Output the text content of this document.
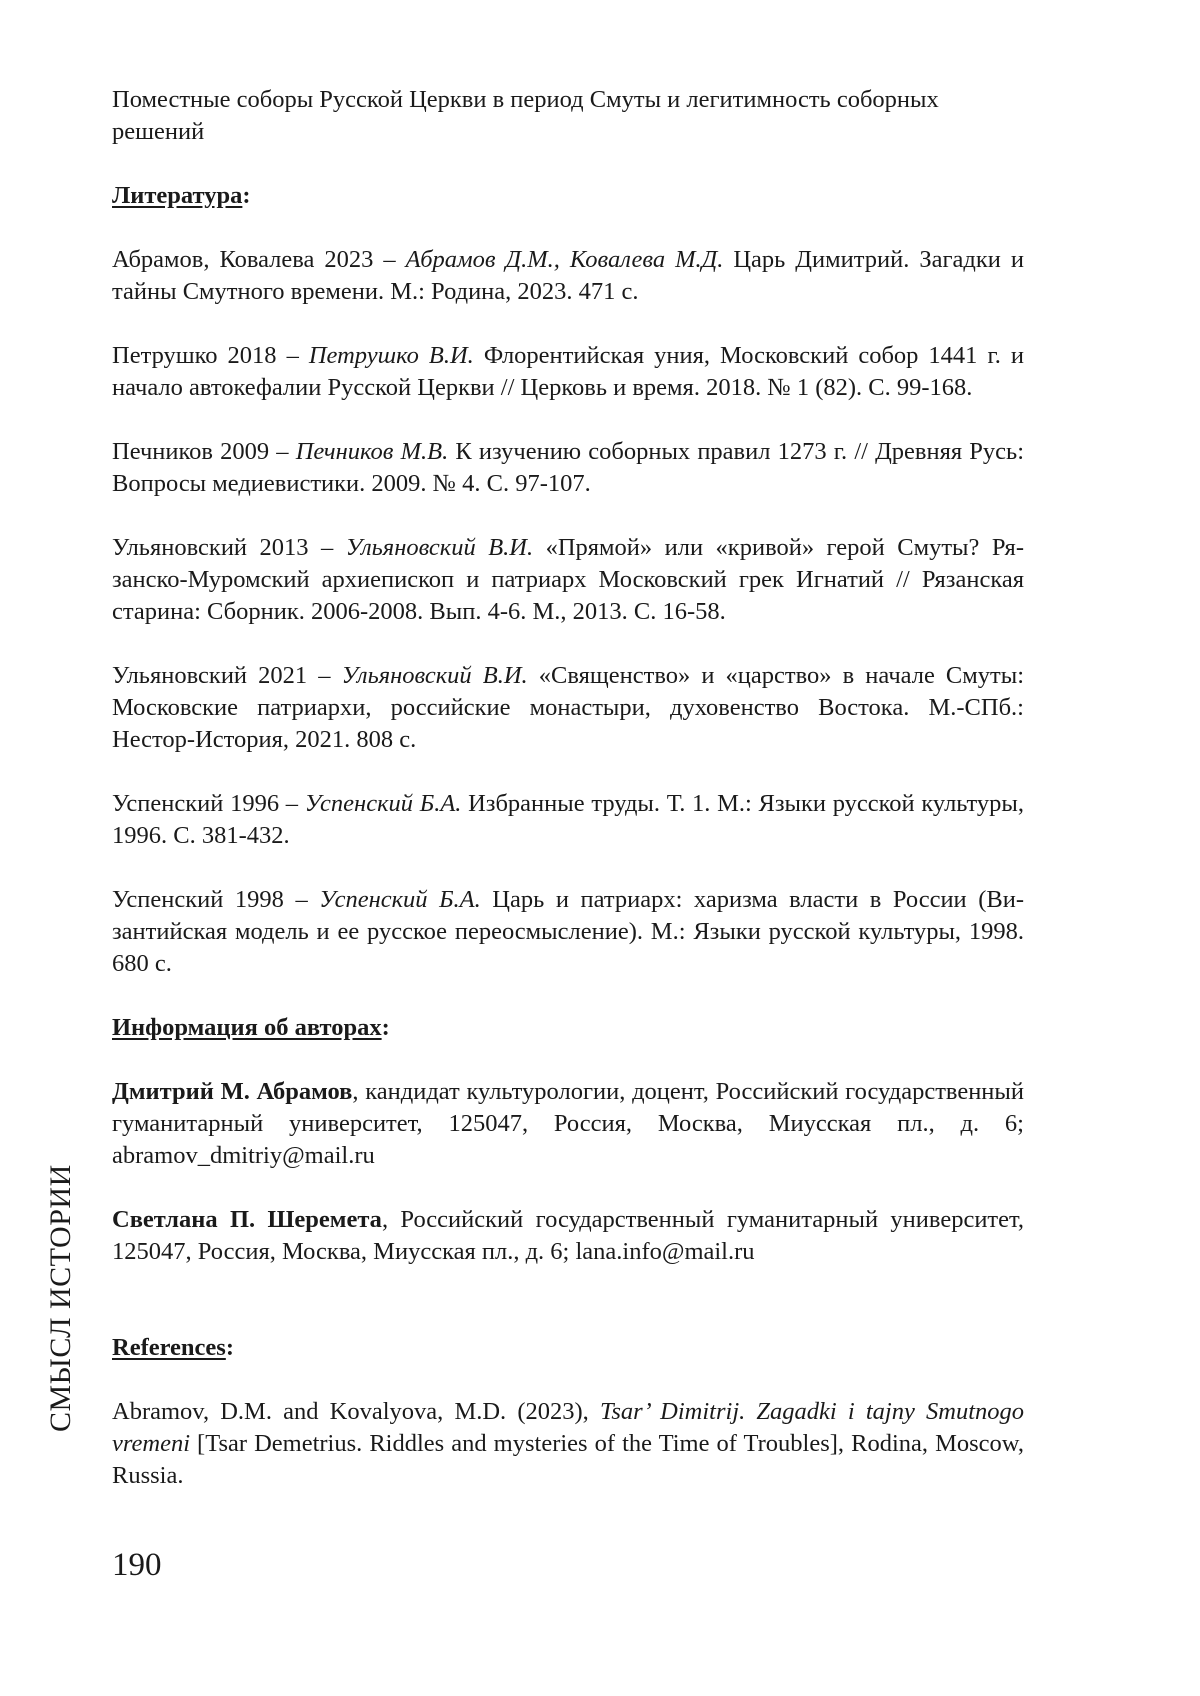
Поместные соборы Русской Церкви в период Смуты и легитимность соборных решений

Литература:

Абрамов, Ковалева 2023 – Абрамов Д.М., Ковалева М.Д. Царь Димитрий. Загадки и тайны Смутного времени. М.: Родина, 2023. 471 с.

Петрушко 2018 – Петрушко В.И. Флорентийская уния, Московский собор 1441 г. и начало автокефалии Русской Церкви // Церковь и время. 2018. № 1 (82). С. 99-168.

Печников 2009 – Печников М.В. К изучению соборных правил 1273 г. // Древняя Русь: Вопросы медиевистики. 2009. № 4. С. 97-107.

Ульяновский 2013 – Ульяновский В.И. «Прямой» или «кривой» герой Смуты? Рязанско-Муромский архиепископ и патриарх Московский грек Игнатий // Рязанская старина: Сборник. 2006-2008. Вып. 4-6. М., 2013. С. 16-58.

Ульяновский 2021 – Ульяновский В.И. «Священство» и «царство» в начале Смуты: Московские патриархи, российские монастыри, духовенство Востока. М.-СПб.: Нестор-История, 2021. 808 с.

Успенский 1996 – Успенский Б.А. Избранные труды. Т. 1. М.: Языки русской культуры, 1996. С. 381-432.

Успенский 1998 – Успенский Б.А. Царь и патриарх: харизма власти в России (Византийская модель и ее русское переосмысление). М.: Языки русской культуры, 1998. 680 с.

Информация об авторах:

Дмитрий М. Абрамов, кандидат культурологии, доцент, Российский государственный гуманитарный университет, 125047, Россия, Москва, Миусская пл., д. 6; abramov_dmitriy@mail.ru

Светлана П. Шеремета, Российский государственный гуманитарный университет, 125047, Россия, Москва, Миусская пл., д. 6; lana.info@mail.ru

References:

Abramov, D.M. and Kovalyova, M.D. (2023), Tsar’ Dimitrij. Zagadki i tajny Smutnogo vremeni [Tsar Demetrius. Riddles and mysteries of the Time of Troubles], Rodina, Moscow, Russia.

СМЫСЛ ИСТОРИИ
190
